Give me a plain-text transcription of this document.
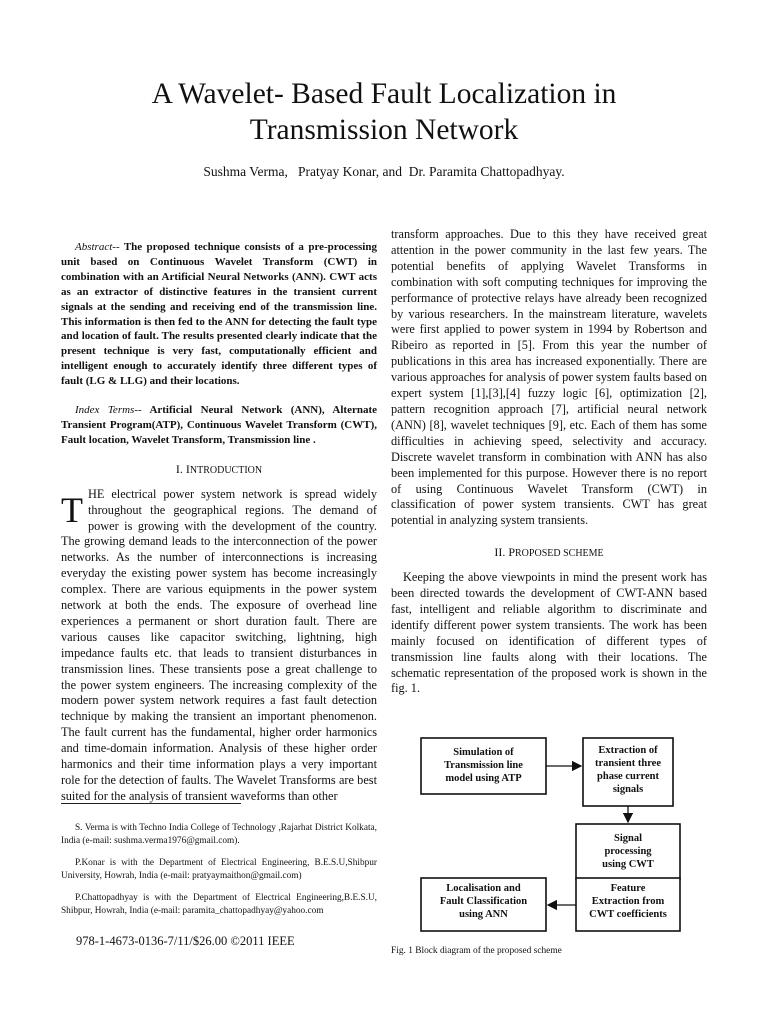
A Wavelet- Based Fault Localization in
Transmission Network
Sushma Verma,   Pratyay Konar, and  Dr. Paramita Chattopadhyay.

Abstract-- The proposed technique consists of a pre-processing unit based on Continuous Wavelet Transform (CWT) in combination with an Artificial Neural Networks (ANN). CWT acts as an extractor of distinctive features in the transient current signals at the sending and receiving end of the transmission line. This information is then fed to the ANN for detecting the fault type and location of fault. The results presented clearly indicate that the present technique is very fast, computationally efficient and intelligent enough to accurately identify three different types of fault (LG & LLG) and their locations.

Index Terms-- Artificial Neural Network (ANN), Alternate Transient Program(ATP), Continuous Wavelet Transform (CWT), Fault location, Wavelet Transform, Transmission line .

I. INTRODUCTION

THE electrical power system network is spread widely throughout the geographical regions. The demand of power is growing with the development of the country. The growing demand leads to the interconnection of the power networks. As the number of interconnections is increasing everyday the existing power system has become increasingly complex. There are various equipments in the power system network at both the ends. The exposure of overhead line experiences a permanent or short duration fault. There are various causes like capacitor switching, lightning, high impedance faults etc. that leads to transient disturbances in transmission lines. These transients pose a great challenge to the power system engineers. The increasing complexity of the modern power system network requires a fast fault detection technique by making the transient an important phenomenon. The fault current has the fundamental, higher order harmonics and time-domain information. Analysis of these higher order harmonics and their time information plays a very important role for the detection of faults. The Wavelet Transforms are best suited for the analysis of transient waveforms than other

transform approaches. Due to this they have received great attention in the power community in the last few years. The potential benefits of applying Wavelet Transforms in combination with soft computing techniques for improving the performance of protective relays have already been recognized by various researchers. In the mainstream literature, wavelets were first applied to power system in 1994 by Robertson and Ribeiro as reported in [5]. From this year the number of publications in this area has increased exponentially. There are various approaches for analysis of power system faults based on expert system [1],[3],[4] fuzzy logic [6], optimization [2], pattern recognition approach [7], artificial neural network (ANN) [8], wavelet techniques [9], etc. Each of them has some difficulties in achieving speed, selectivity and accuracy. Discrete wavelet transform in combination with ANN has also been implemented for this purpose. However there is no report of using Continuous Wavelet Transform (CWT) in classification of power system transients. CWT has great potential in analyzing system transients.

II. PROPOSED SCHEME

Keeping the above viewpoints in mind the present work has been directed towards the development of CWT-ANN based fast, intelligent and reliable algorithm to discriminate and identify different power system transients. The work has been mainly focused on identification of different types of transmission line faults along with their locations. The schematic representation of the proposed work is shown in the fig. 1.

S. Verma is with Techno India College of Technology ,Rajarhat District Kolkata, India (e-mail: sushma.verma1976@gmail.com).

P.Konar is with the Department of Electrical Engineering, B.E.S.U,Shibpur University, Howrah, India (e-mail: pratyaymaithon@gmail.com)

P.Chattopadhyay is with the Department of Electrical Engineering,B.E.S.U, Shibpur, Howrah, India (e-mail: paramita_chattopadhyay@yahoo.com

978-1-4673-0136-7/11/$26.00 ©2011 IEEE
Simulation of Transmission line model using ATP
Extraction of transient three phase current signals
Signal processing using CWT
Feature Extraction from CWT coefficients
Localisation and Fault Classification using ANN
Fig. 1 Block diagram of the proposed scheme
